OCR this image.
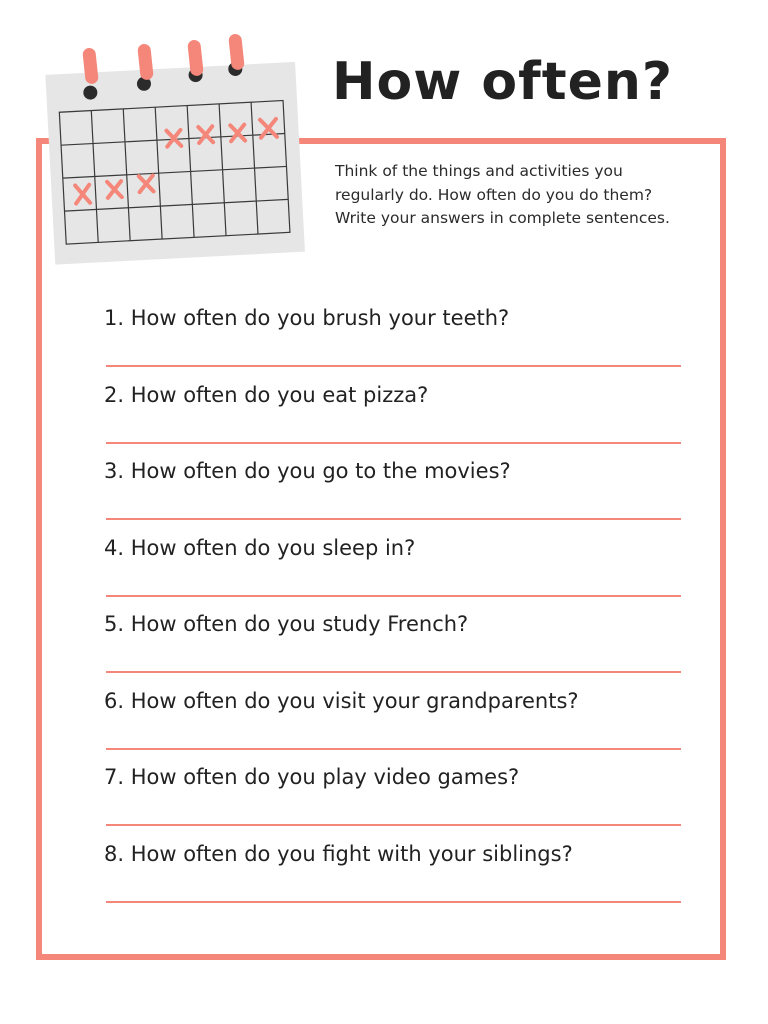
How often?
Think of the things and activities you
regularly do. How often do you do them?
Write your answers in complete sentences.
1. How often do you brush your teeth?
2. How often do you eat pizza?
3. How often do you go to the movies?
4. How often do you sleep in?
5. How often do you study French?
6. How often do you visit your grandparents?
7. How often do you play video games?
8. How often do you fight with your siblings?
